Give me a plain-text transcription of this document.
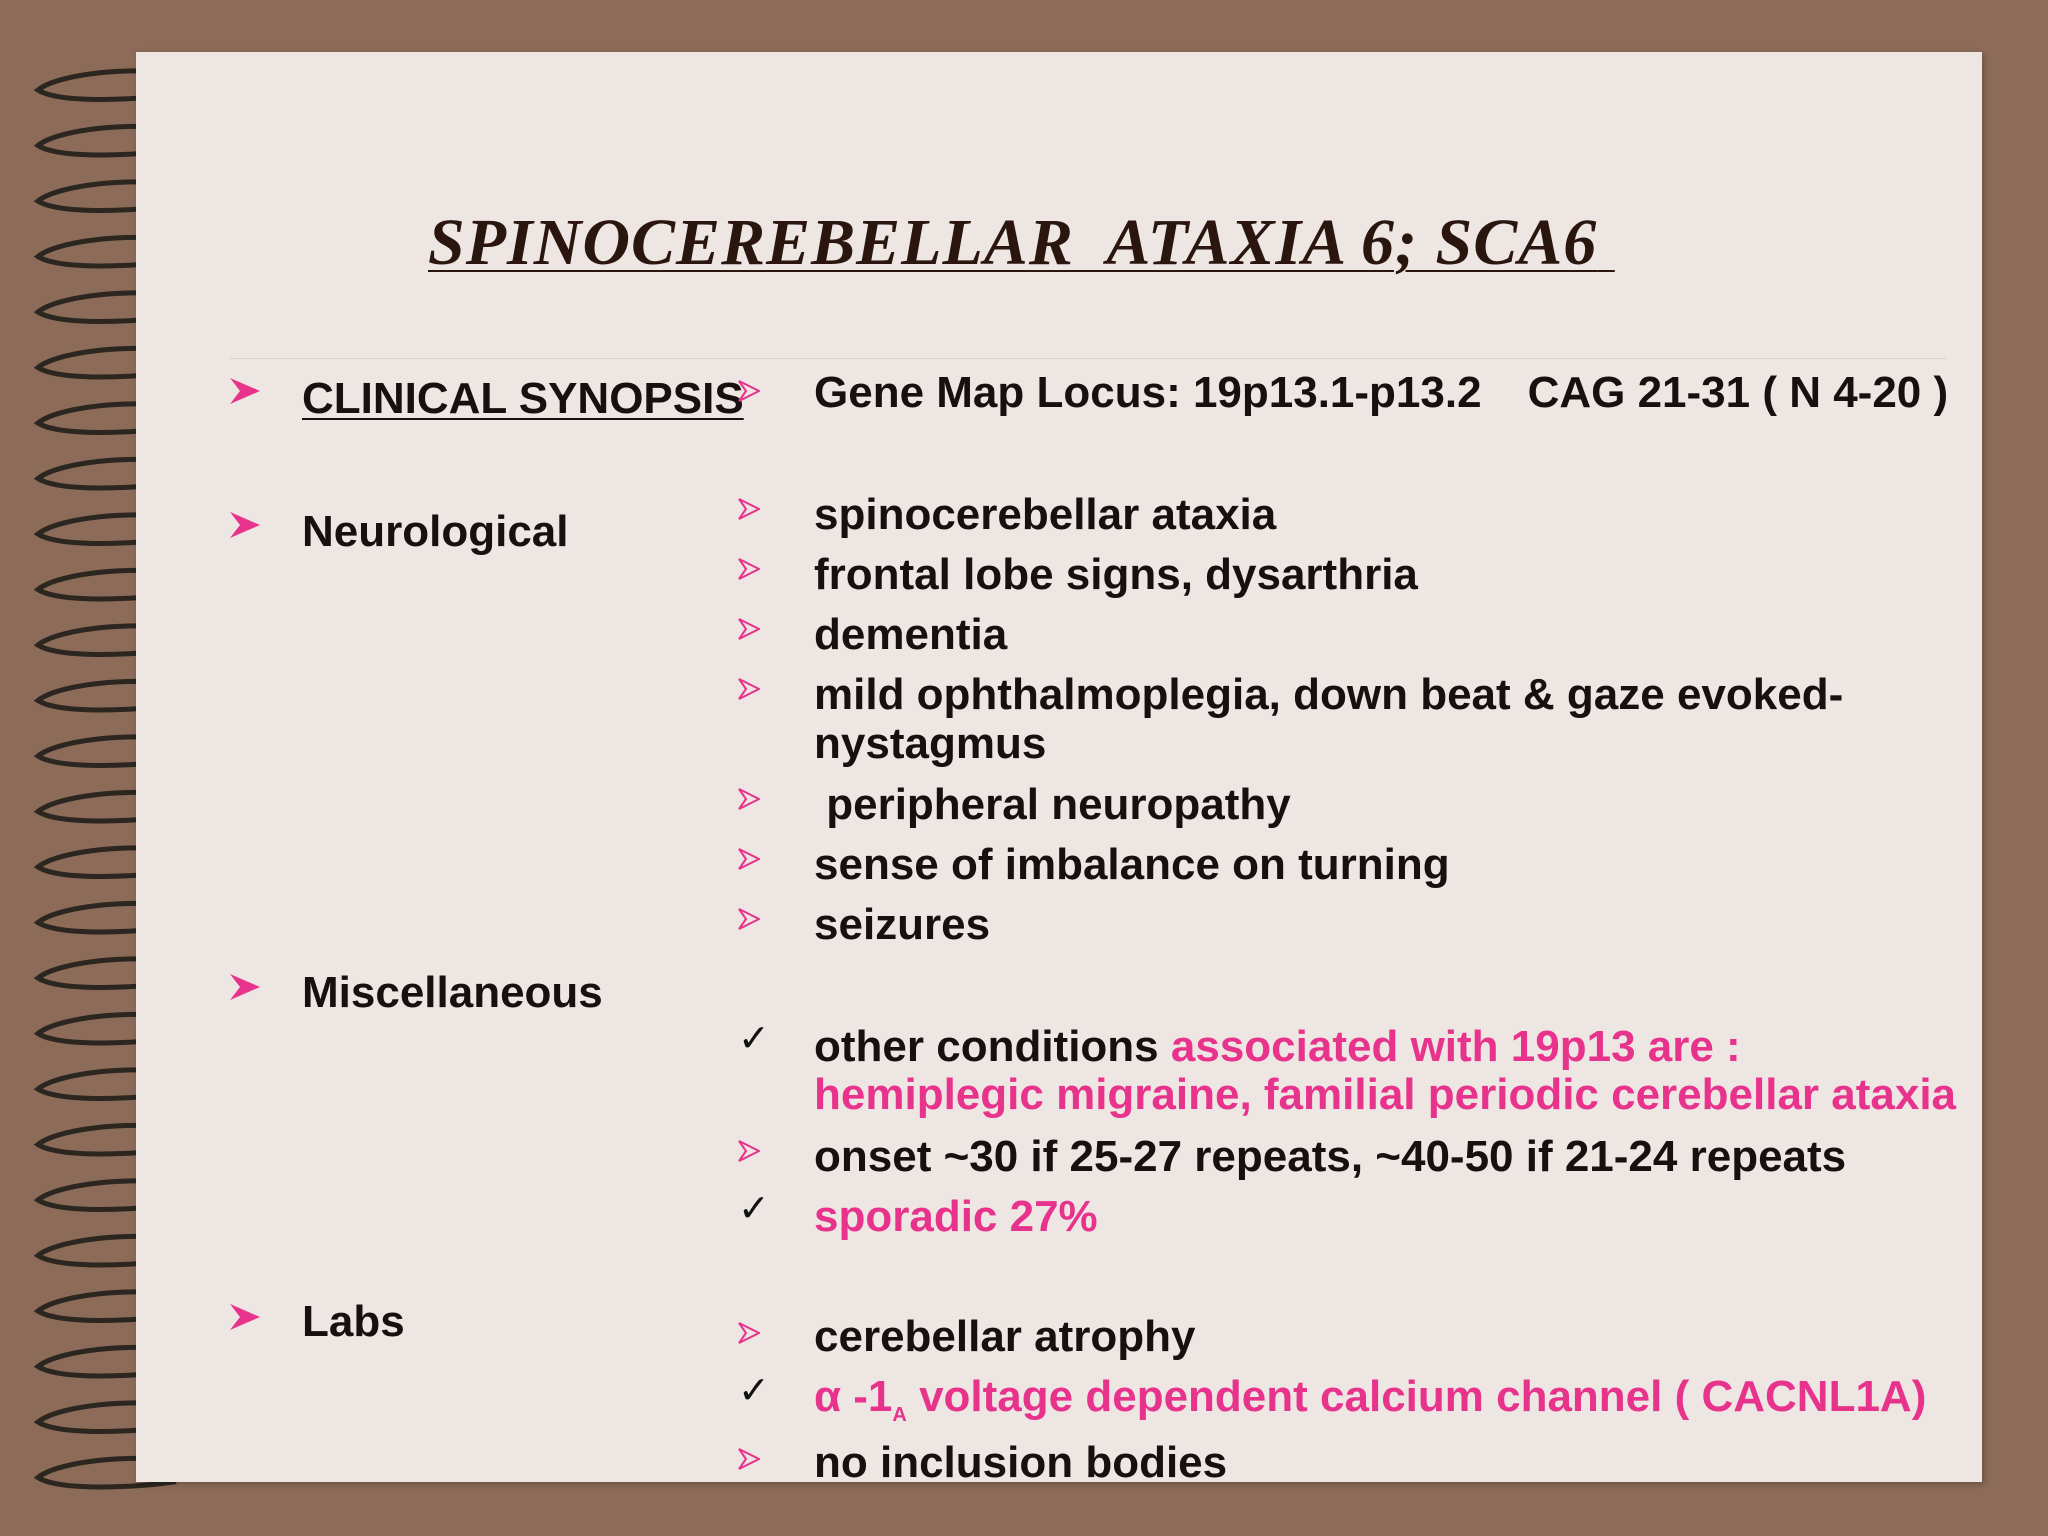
SPINOCEREBELLAR  ATAXIA 6; SCA6

CLINICAL SYNOPSIS

Neurological

Miscellaneous

Labs

Gene Map Locus: 19p13.1-p13.2 CAG 21-31 ( N 4-20 )

spinocerebellar ataxia

frontal lobe signs, dysarthria

dementia

mild ophthalmoplegia, down beat & gaze evoked-

nystagmus

peripheral neuropathy

sense of imbalance on turning

seizures

✓ other conditions associated with 19p13 are :

hemiplegic migraine, familial periodic cerebellar ataxia

onset ~30 if 25-27 repeats, ~40-50 if 21-24 repeats

✓ sporadic 27%

cerebellar atrophy

✓ α $-1_A$ voltage dependent calcium channel ( CACNL1A)

no inclusion bodies
